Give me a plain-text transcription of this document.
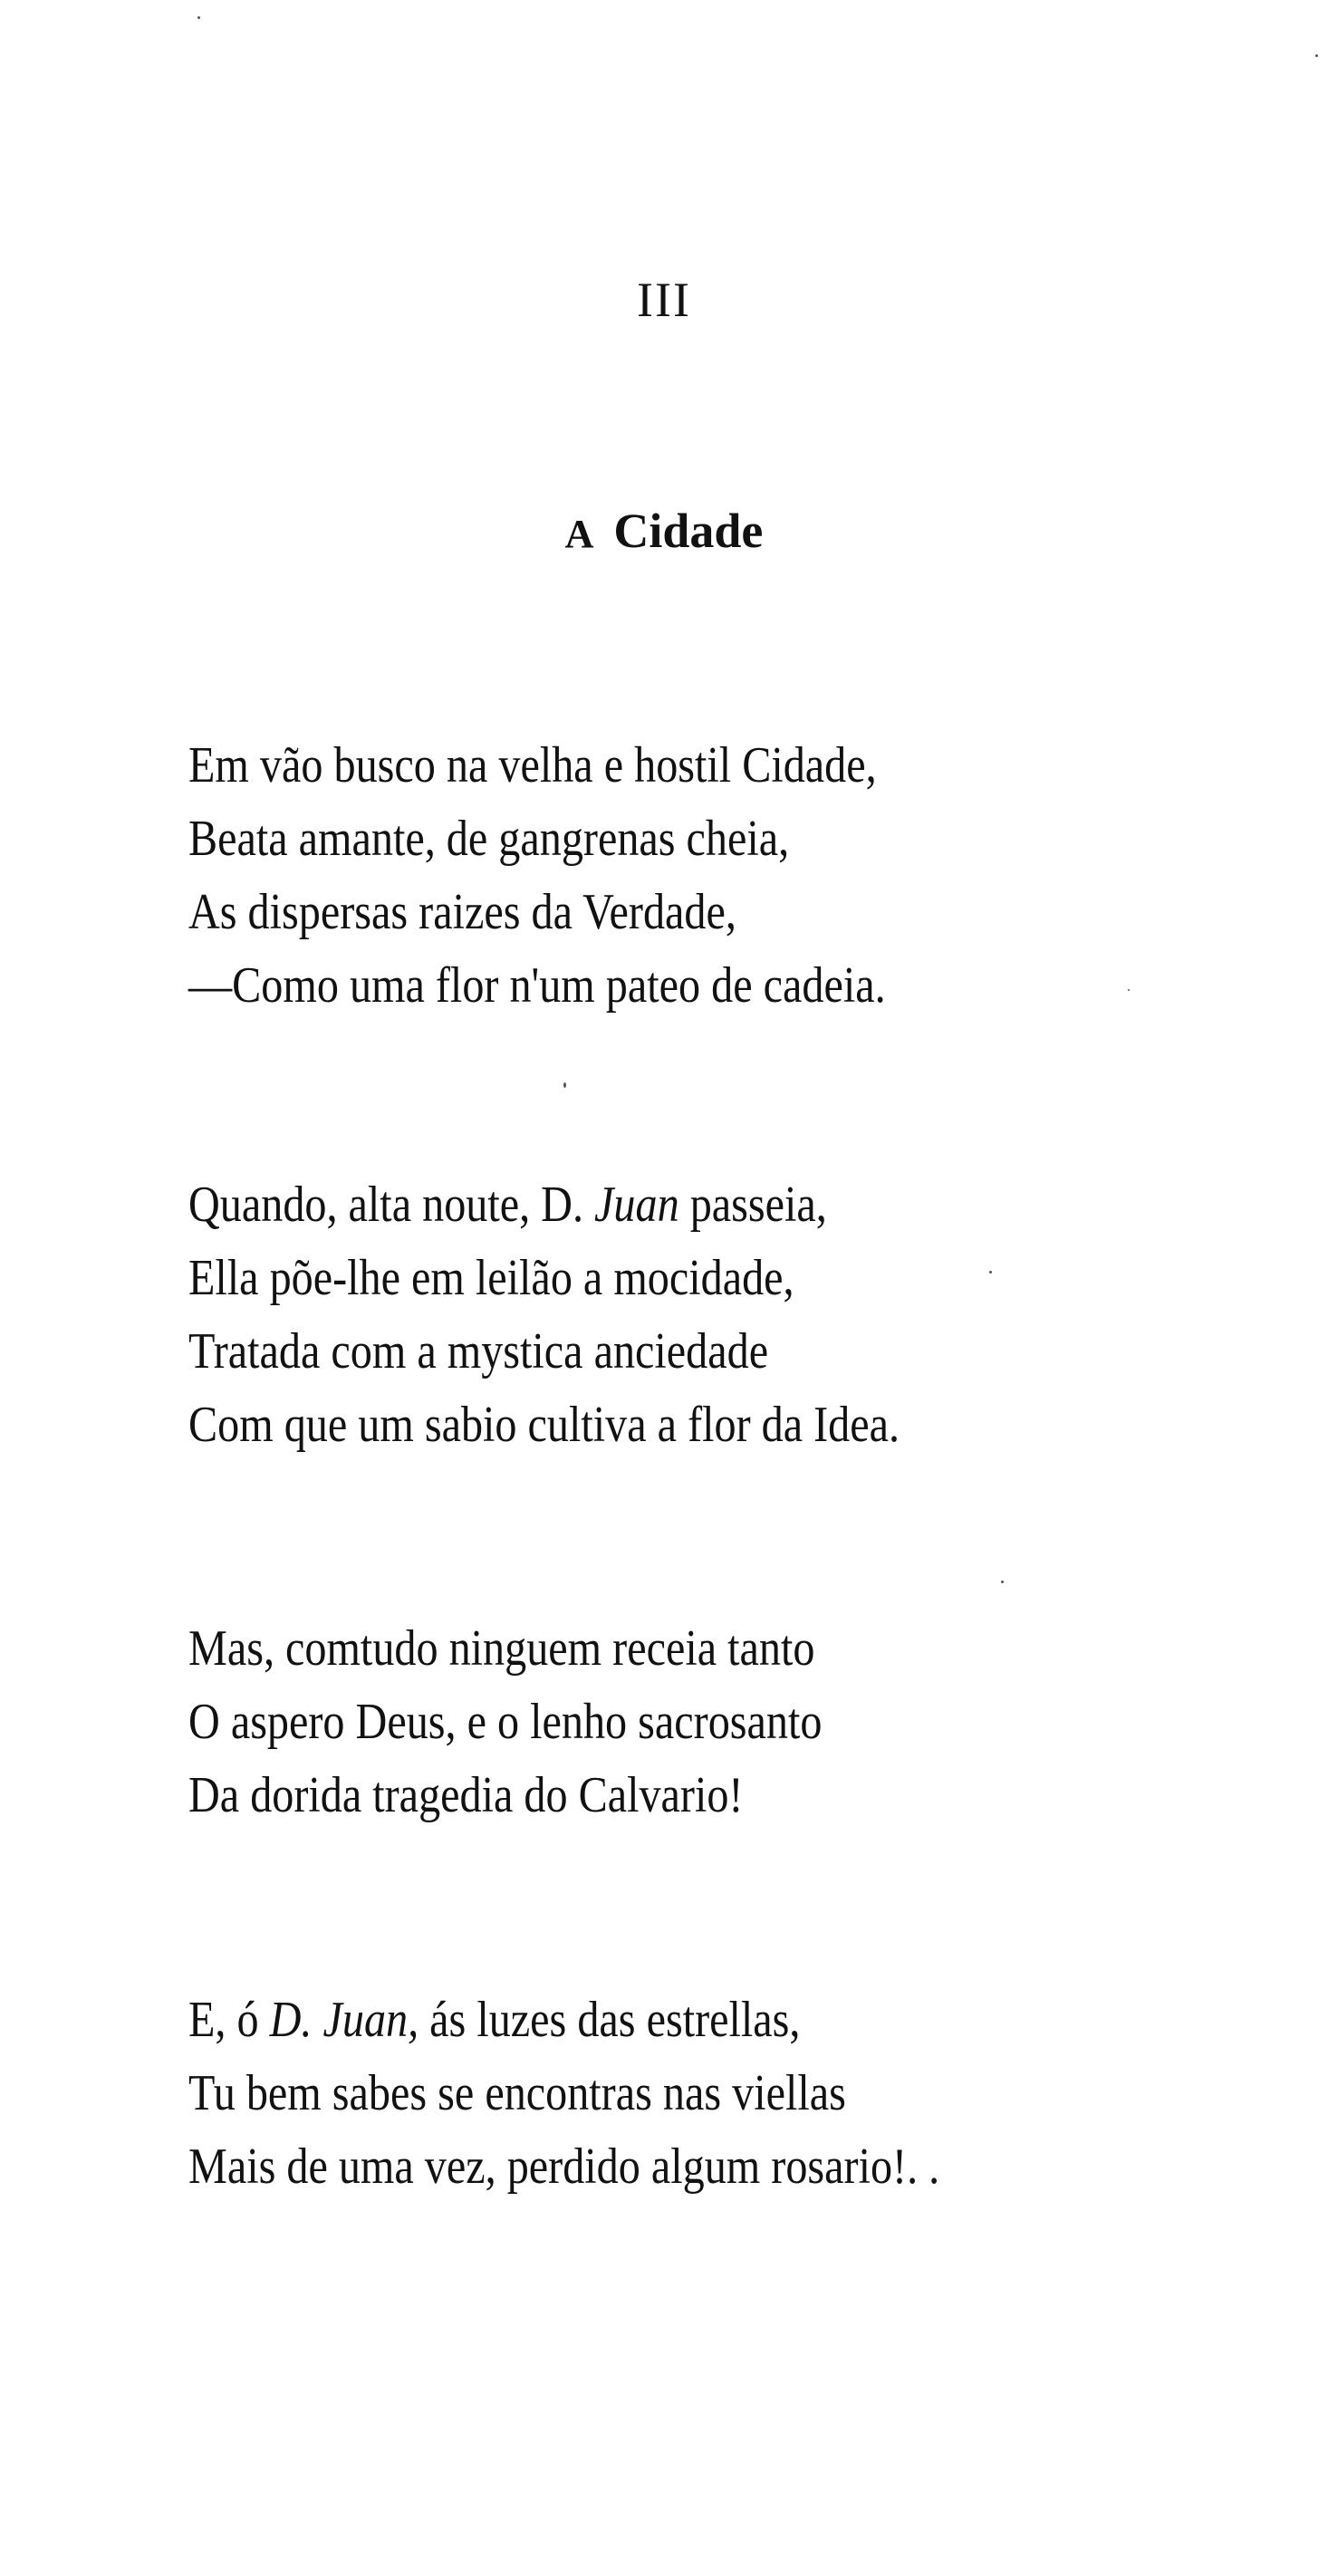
III
A Cidade
Em vão busco na velha e hostil Cidade,
Beata amante, de gangrenas cheia,
As dispersas raizes da Verdade,
—Como uma flor n'um pateo de cadeia.
Quando, alta noute, D. Juan passeia,
Ella põe-lhe em leilão a mocidade,
Tratada com a mystica anciedade
Com que um sabio cultiva a flor da Idea.
Mas, comtudo ninguem receia tanto
O aspero Deus, e o lenho sacrosanto
Da dorida tragedia do Calvario!
E, ó D. Juan, ás luzes das estrellas,
Tu bem sabes se encontras nas viellas
Mais de uma vez, perdido algum rosario!. .
